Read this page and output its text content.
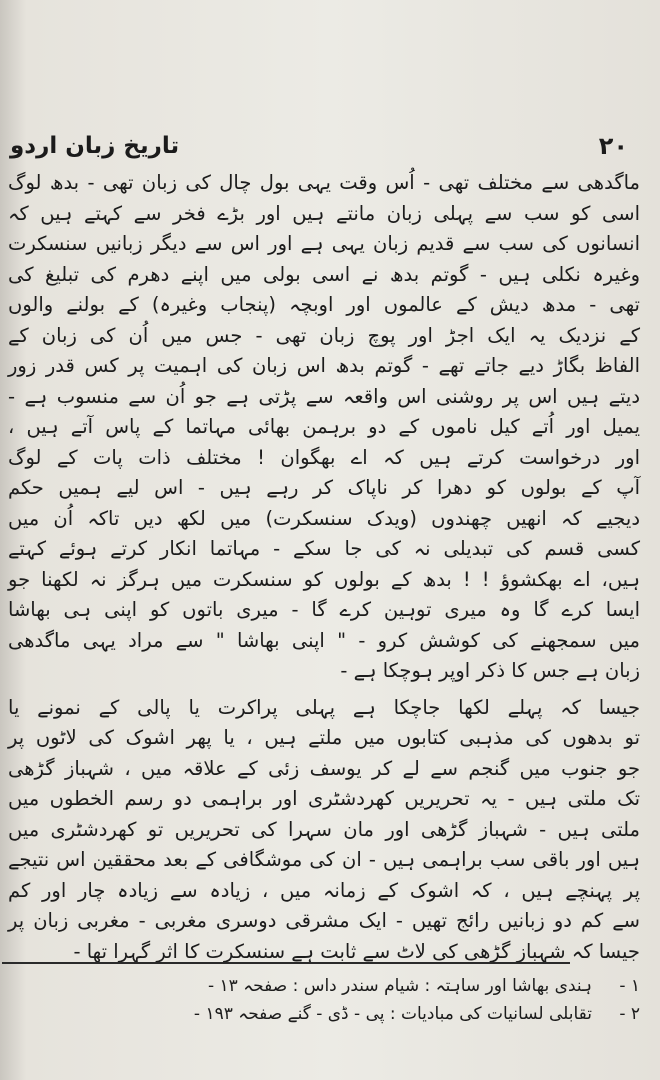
تاریخ زبان اردو	۲۰

ماگدھی سے مختلف تھی - اُس وقت یہی بول چال کی زبان تھی - بدھ لوگ
اسی کو سب سے پہلی زبان مانتے ہیں اور بڑے فخر سے کہتے ہیں کہ
انسانوں کی سب سے قدیم زبان یہی ہے اور اس سے دیگر زبانیں سنسکرت
وغیرہ نکلی ہیں - گوتم بدھ نے اسی بولی میں اپنے دھرم کی تبلیغ کی
تھی - مدھ دیش کے عالموں اور اوبچہ (پنجاب وغیرہ) کے بولنے والوں
کے نزدیک یہ ایک اجڑ اور پوچ زبان تھی - جس میں اُن کی زبان کے
الفاظ بگاڑ دیے جاتے تھے - گوتم بدھ اس زبان کی اہمیت پر کس قدر زور
دیتے ہیں اس پر روشنی اس واقعہ سے پڑتی ہے جو اُن سے منسوب ہے -
یمیل اور اُتے کیل ناموں کے دو برہمن بھائی مہاتما کے پاس آتے ہیں ،
اور درخواست کرتے ہیں کہ اے بھگوان ! مختلف ذات پات کے لوگ
آپ کے بولوں کو دھرا کر ناپاک کر رہے ہیں - اس لیے ہمیں حکم
دیجیے کہ انھیں چھندوں (ویدک سنسکرت) میں لکھ دیں تاکہ اُن میں
کسی قسم کی تبدیلی نہ کی جا سکے - مہاتما انکار کرتے ہوئے کہتے
ہیں، اے بھکشوؤ ! ! بدھ کے بولوں کو سنسکرت میں ہرگز نہ لکھنا جو
ایسا کرے گا وہ میری توہین کرے گا - میری باتوں کو اپنی ہی بھاشا
میں سمجھنے کی کوشش کرو - " اپنی بھاشا " سے مراد یہی ماگدھی
زبان ہے جس کا ذکر اوپر ہوچکا ہے -

جیسا کہ پہلے لکھا جاچکا ہے پہلی پراکرت یا پالی کے نمونے یا
تو بدھوں کی مذہبی کتابوں میں ملتے ہیں ، یا پھر اشوک کی لاٹوں پر
جو جنوب میں گنجم سے لے کر یوسف زئی کے علاقہ میں ، شہباز گڑھی
تک ملتی ہیں - یہ تحریریں کھردشٹری اور براہمی دو رسم الخطوں میں
ملتی ہیں - شہباز گڑھی اور مان سہرا کی تحریریں تو کھردشٹری میں
ہیں اور باقی سب براہمی ہیں - ان کی موشگافی کے بعد محققین اس نتیجے
پر پہنچے ہیں ، کہ اشوک کے زمانہ میں ، زیادہ سے زیادہ چار اور کم
سے کم دو زبانیں رائج تھیں - ایک مشرقی دوسری مغربی - مغربی زبان پر
جیسا کہ شہباز گڑھی کی لاٹ سے ثابت ہے سنسکرت کا اثر گہرا تھا -

۱ -
ہندی بھاشا اور ساہتہ : شیام سندر داس : صفحہ ۱۳ -
۲ -
تقابلی لسانیات کی مبادیات : پی - ڈی - گنے صفحہ ۱۹۳ -
